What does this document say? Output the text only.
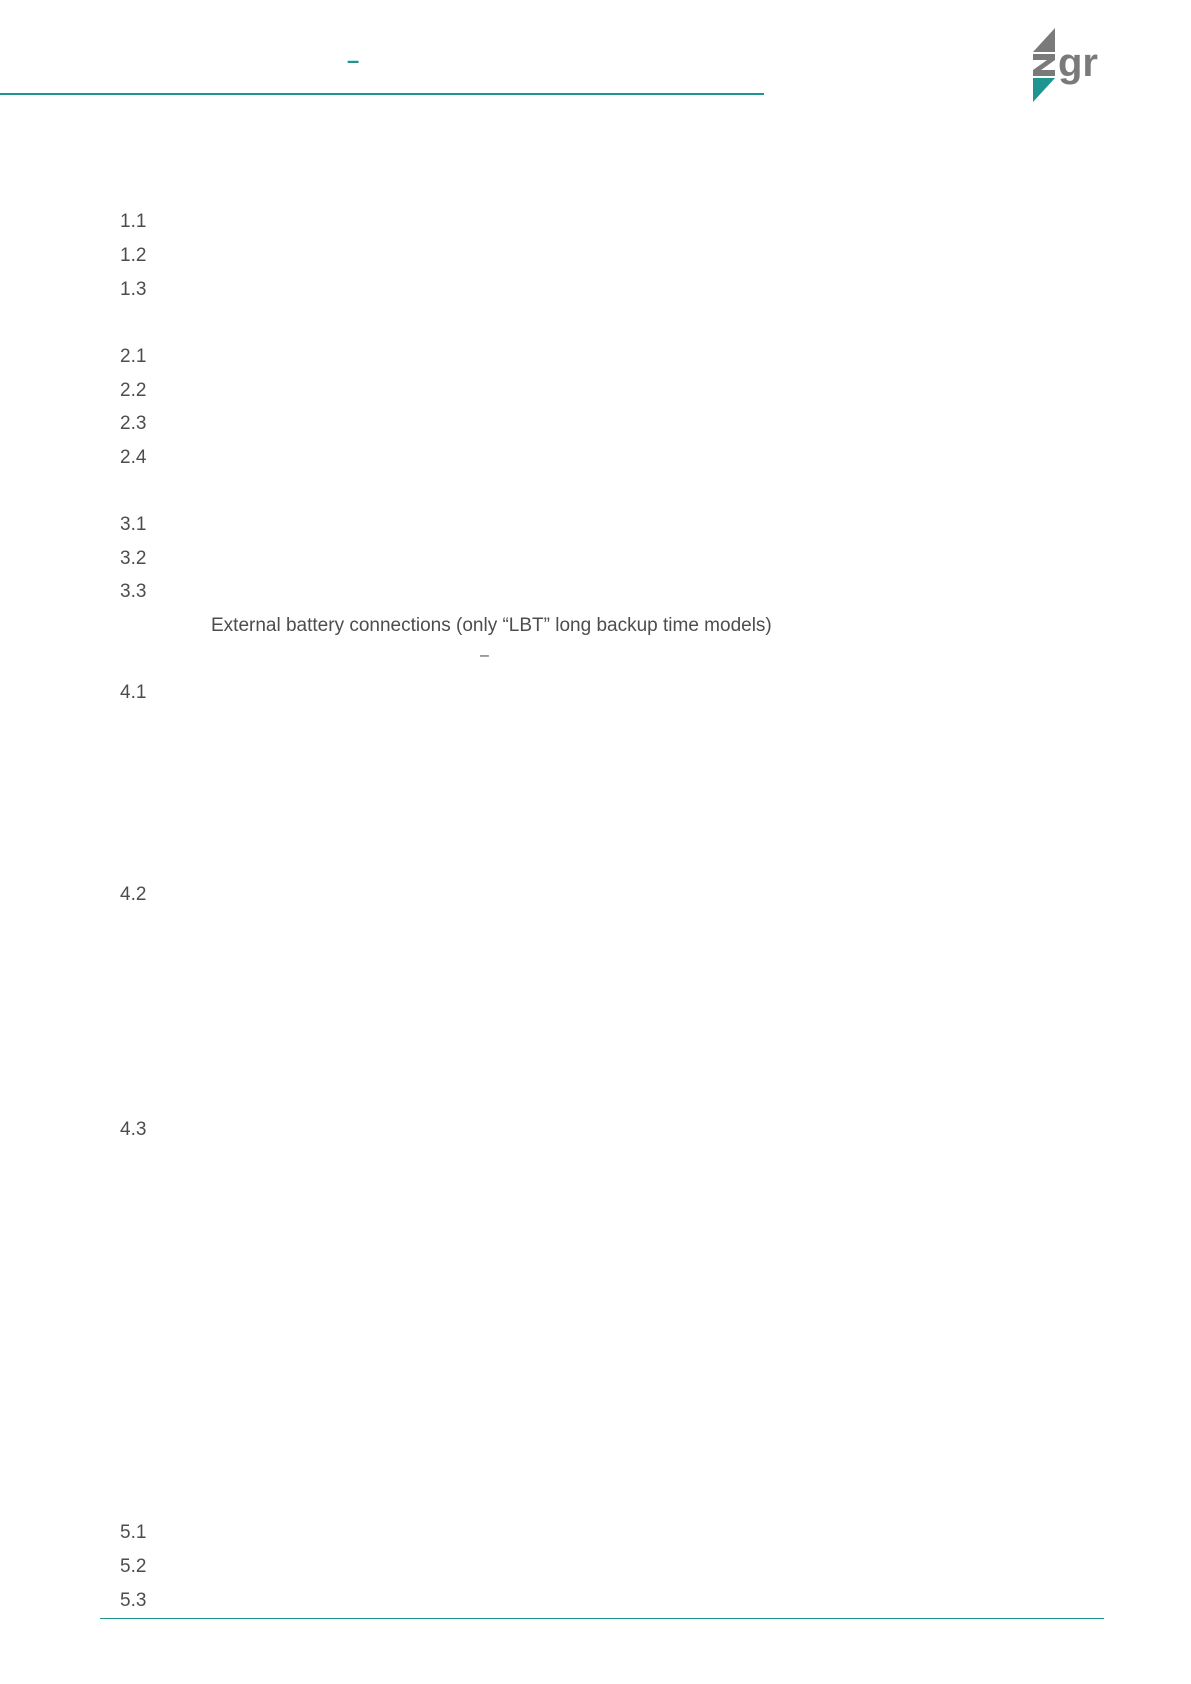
–	gr
1.1
1.2
1.3
2.1
2.2
2.3
2.4
3.1
3.2
3.3
External battery connections (only “LBT” long backup time models)
–
4.1
4.2
4.3
5.1
5.2
5.3
